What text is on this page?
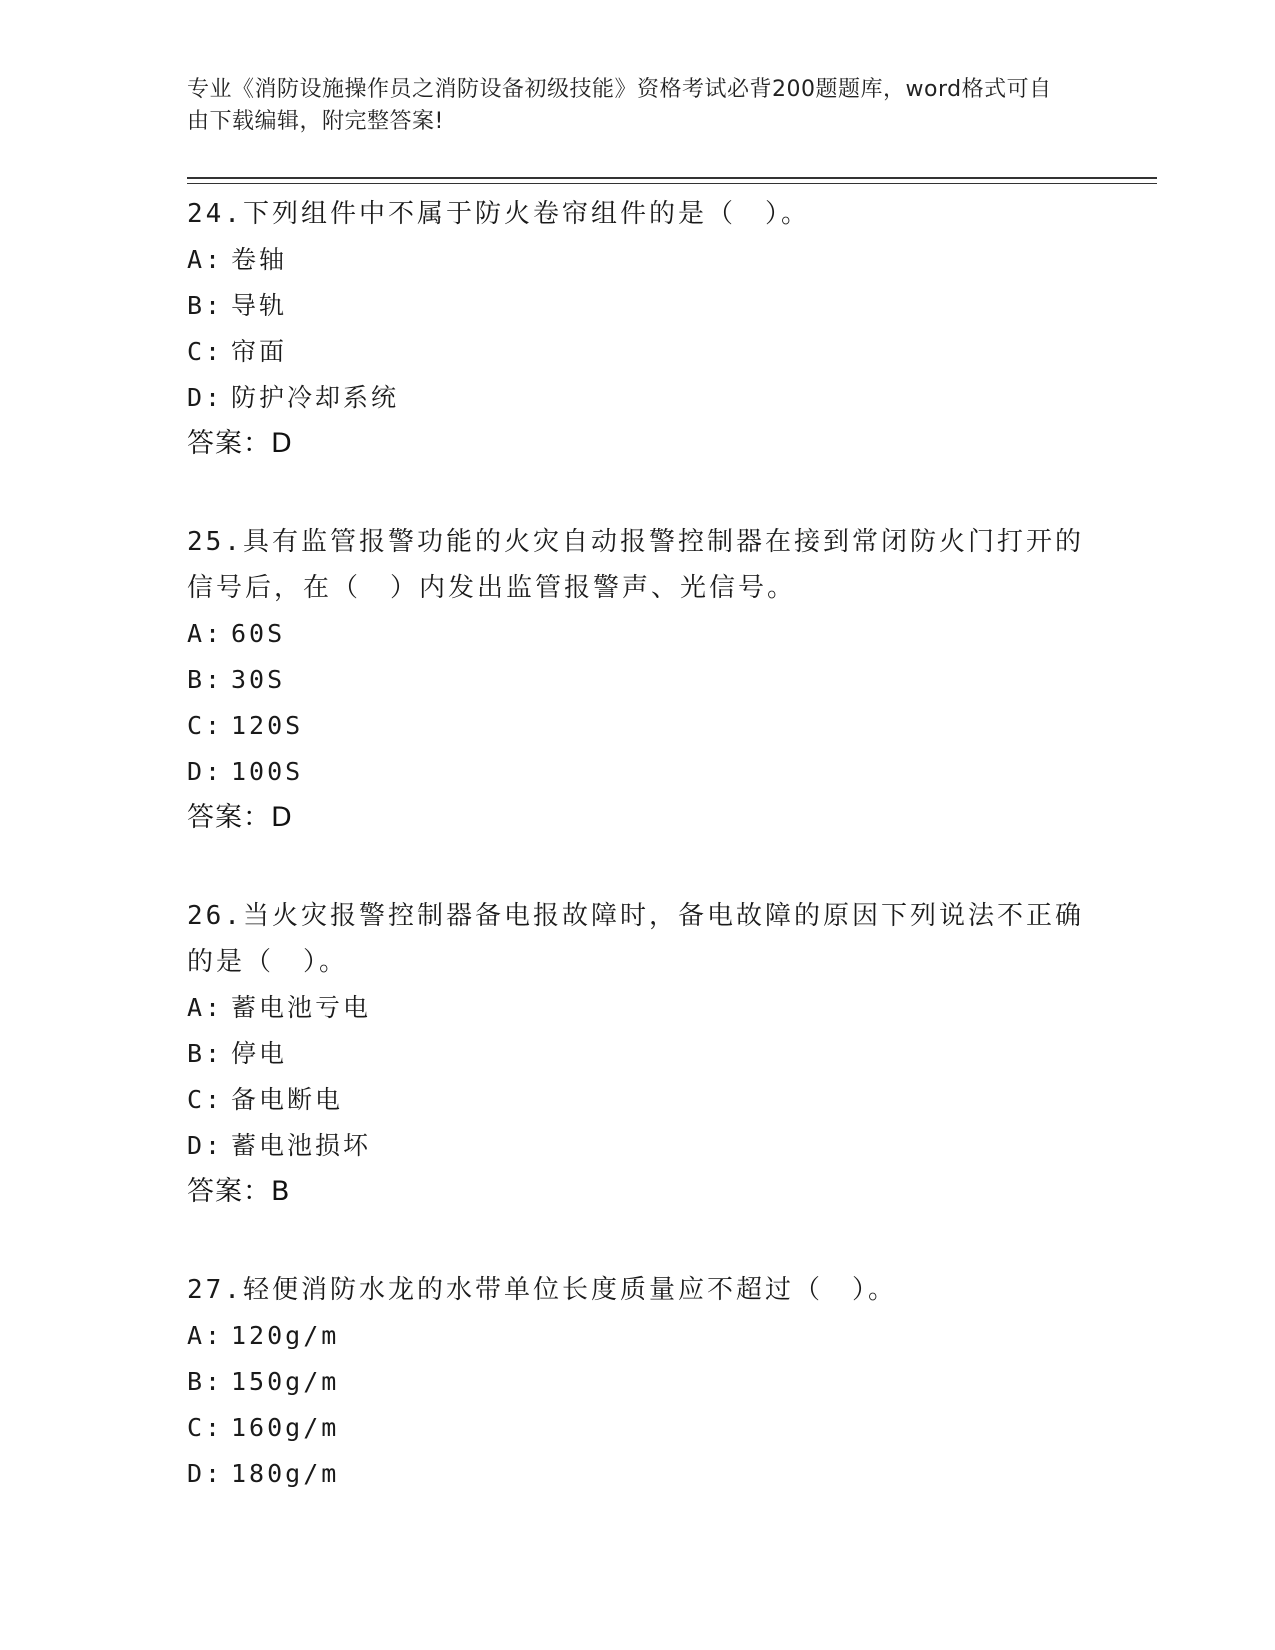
专业《消防设施操作员之消防设备初级技能》资格考试必背200题题库，word格式可自由下载编辑，附完整答案!
24.下列组件中不属于防火卷帘组件的是（　）。
A: 卷轴
B: 导轨
C: 帘面
D: 防护冷却系统
答案：D
25.具有监管报警功能的火灾自动报警控制器在接到常闭防火门打开的信号后，在（　）内发出监管报警声、光信号。
A: 60S
B: 30S
C: 120S
D: 100S
答案：D
26.当火灾报警控制器备电报故障时，备电故障的原因下列说法不正确的是（　）。
A: 蓄电池亏电
B: 停电
C: 备电断电
D: 蓄电池损坏
答案：B
27.轻便消防水龙的水带单位长度质量应不超过（　）。
A: 120g/m
B: 150g/m
C: 160g/m
D: 180g/m
